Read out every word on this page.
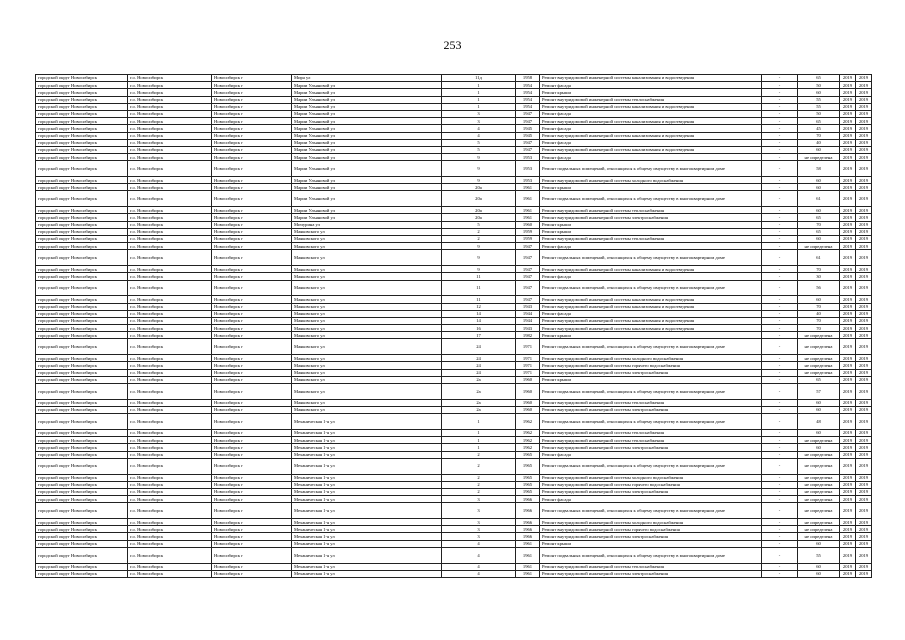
253
городской округ Новосибирск	г.о. Новосибирск	Новосибирск г	Мира ул	11д	1958	Ремонт внутридомовой инженерной системы канализования и водоотведения	-	65	2019	2019
городской округ Новосибирск	г.о. Новосибирск	Новосибирск г	Марии Ульяновой ул	1	1954	Ремонт фасада	-	50	2019	2019
городской округ Новосибирск	г.о. Новосибирск	Новосибирск г	Марии Ульяновой ул	1	1954	Ремонт крыши	-	60	2019	2019
городской округ Новосибирск	г.о. Новосибирск	Новосибирск г	Марии Ульяновой ул	1	1954	Ремонт внутридомовой инженерной системы теплоснабжения	-	55	2019	2019
городской округ Новосибирск	г.о. Новосибирск	Новосибирск г	Марии Ульяновой ул	1	1954	Ремонт внутридомовой инженерной системы канализования и водоотведения	-	55	2019	2019
городской округ Новосибирск	г.о. Новосибирск	Новосибирск г	Марии Ульяновой ул	3	1947	Ремонт фасада	-	50	2019	2019
городской округ Новосибирск	г.о. Новосибирск	Новосибирск г	Марии Ульяновой ул	3	1947	Ремонт внутридомовой инженерной системы канализования и водоотведения	-	65	2019	2019
городской округ Новосибирск	г.о. Новосибирск	Новосибирск г	Марии Ульяновой ул	4	1945	Ремонт фасада	-	45	2019	2019
городской округ Новосибирск	г.о. Новосибирск	Новосибирск г	Марии Ульяновой ул	4	1945	Ремонт внутридомовой инженерной системы канализования и водоотведения	-	70	2019	2019
городской округ Новосибирск	г.о. Новосибирск	Новосибирск г	Марии Ульяновой ул	5	1947	Ремонт фасада	-	40	2019	2019
городской округ Новосибирск	г.о. Новосибирск	Новосибирск г	Марии Ульяновой ул	5	1947	Ремонт внутридомовой инженерной системы канализования и водоотведения	-	60	2019	2019
городской округ Новосибирск	г.о. Новосибирск	Новосибирск г	Марии Ульяновой ул	9	1953	Ремонт фасада	-	не определена	2019	2019
городской округ Новосибирск	г.о. Новосибирск	Новосибирск г	Марии Ульяновой ул	9	1953	Ремонт подвальных помещений, относящихся к общему имуществу в многоквартирном доме	-	58	2019	2019
городской округ Новосибирск	г.о. Новосибирск	Новосибирск г	Марии Ульяновой ул	9	1953	Ремонт внутридомовой инженерной системы холодного водоснабжения	-	60	2019	2019
городской округ Новосибирск	г.о. Новосибирск	Новосибирск г	Марии Ульяновой ул	20а	1961	Ремонт крыши	-	60	2019	2019
городской округ Новосибирск	г.о. Новосибирск	Новосибирск г	Марии Ульяновой ул	20а	1961	Ремонт подвальных помещений, относящихся к общему имуществу в многоквартирном доме	-	61	2019	2019
городской округ Новосибирск	г.о. Новосибирск	Новосибирск г	Марии Ульяновой ул	20а	1961	Ремонт внутридомовой инженерной системы теплоснабжения	-	60	2019	2019
городской округ Новосибирск	г.о. Новосибирск	Новосибирск г	Марии Ульяновой ул	20а	1961	Ремонт внутридомовой инженерной системы электроснабжения	-	65	2019	2019
городской округ Новосибирск	г.о. Новосибирск	Новосибирск г	Мичурина ул	5	1960	Ремонт крыши	-	70	2019	2019
городской округ Новосибирск	г.о. Новосибирск	Новосибирск г	Маяковского ул	2	1959	Ремонт крыши	-	65	2019	2019
городской округ Новосибирск	г.о. Новосибирск	Новосибирск г	Маяковского ул	2	1959	Ремонт внутридомовой инженерной системы теплоснабжения	-	60	2019	2019
городской округ Новосибирск	г.о. Новосибирск	Новосибирск г	Маяковского ул	9	1947	Ремонт фасада	-	не определена	2019	2019
городской округ Новосибирск	г.о. Новосибирск	Новосибирск г	Маяковского ул	9	1947	Ремонт подвальных помещений, относящихся к общему имуществу в многоквартирном доме	-	61	2019	2019
городской округ Новосибирск	г.о. Новосибирск	Новосибирск г	Маяковского ул	9	1947	Ремонт внутридомовой инженерной системы канализования и водоотведения	-	70	2019	2019
городской округ Новосибирск	г.о. Новосибирск	Новосибирск г	Маяковского ул	11	1947	Ремонт фасада	-	30	2019	2019
городской округ Новосибирск	г.о. Новосибирск	Новосибирск г	Маяковского ул	11	1947	Ремонт подвальных помещений, относящихся к общему имуществу в многоквартирном доме	-	56	2019	2019
городской округ Новосибирск	г.о. Новосибирск	Новосибирск г	Маяковского ул	11	1947	Ремонт внутридомовой инженерной системы канализования и водоотведения	-	60	2019	2019
городской округ Новосибирск	г.о. Новосибирск	Новосибирск г	Маяковского ул	12	1943	Ремонт внутридомовой инженерной системы канализования и водоотведения	-	70	2019	2019
городской округ Новосибирск	г.о. Новосибирск	Новосибирск г	Маяковского ул	14	1944	Ремонт фасада	-	40	2019	2019
городской округ Новосибирск	г.о. Новосибирск	Новосибирск г	Маяковского ул	14	1944	Ремонт внутридомовой инженерной системы канализования и водоотведения	-	70	2019	2019
городской округ Новосибирск	г.о. Новосибирск	Новосибирск г	Маяковского ул	16	1943	Ремонт внутридомовой инженерной системы канализования и водоотведения	-	70	2019	2019
городской округ Новосибирск	г.о. Новосибирск	Новосибирск г	Маяковского ул	17	1982	Ремонт крыши	-	не определена	2019	2019
городской округ Новосибирск	г.о. Новосибирск	Новосибирск г	Маяковского ул	24	1971	Ремонт подвальных помещений, относящихся к общему имуществу в многоквартирном доме	-	не определена	2019	2019
городской округ Новосибирск	г.о. Новосибирск	Новосибирск г	Маяковского ул	24	1971	Ремонт внутридомовой инженерной системы холодного водоснабжения	-	не определена	2019	2019
городской округ Новосибирск	г.о. Новосибирск	Новосибирск г	Маяковского ул	24	1971	Ремонт внутридомовой инженерной системы горячего водоснабжения	-	не определена	2019	2019
городской округ Новосибирск	г.о. Новосибирск	Новосибирск г	Маяковского ул	24	1971	Ремонт внутридомовой инженерной системы электроснабжения	-	не определена	2019	2019
городской округ Новосибирск	г.о. Новосибирск	Новосибирск г	Маяковского ул	2а	1960	Ремонт крыши	-	65	2019	2019
городской округ Новосибирск	г.о. Новосибирск	Новосибирск г	Маяковского ул	2а	1960	Ремонт подвальных помещений, относящихся к общему имуществу в многоквартирном доме	-	57	2019	2019
городской округ Новосибирск	г.о. Новосибирск	Новосибирск г	Маяковского ул	2а	1960	Ремонт внутридомовой инженерной системы теплоснабжения	-	60	2019	2019
городской округ Новосибирск	г.о. Новосибирск	Новосибирск г	Маяковского ул	2а	1960	Ремонт внутридомовой инженерной системы электроснабжения	-	60	2019	2019
городской округ Новосибирск	г.о. Новосибирск	Новосибирск г	Механическая 1-я ул	1	1962	Ремонт подвальных помещений, относящихся к общему имуществу в многоквартирном доме	-	48	2019	2019
городской округ Новосибирск	г.о. Новосибирск	Новосибирск г	Механическая 1-я ул	1	1962	Ремонт внутридомовой инженерной системы теплоснабжения	-	60	2019	2019
городской округ Новосибирск	г.о. Новосибирск	Новосибирск г	Механическая 1-я ул	1	1962	Ремонт внутридомовой инженерной системы теплоснабжения	-	не определена	2019	2019
городской округ Новосибирск	г.о. Новосибирск	Новосибирск г	Механическая 1-я ул	1	1962	Ремонт внутридомовой инженерной системы электроснабжения	-	60	2019	2019
городской округ Новосибирск	г.о. Новосибирск	Новосибирск г	Механическая 1-я ул	2	1965	Ремонт фасада	-	не определена	2019	2019
городской округ Новосибирск	г.о. Новосибирск	Новосибирск г	Механическая 1-я ул	2	1965	Ремонт подвальных помещений, относящихся к общему имуществу в многоквартирном доме	-	не определена	2019	2019
городской округ Новосибирск	г.о. Новосибирск	Новосибирск г	Механическая 1-я ул	2	1965	Ремонт внутридомовой инженерной системы холодного водоснабжения	-	не определена	2019	2019
городской округ Новосибирск	г.о. Новосибирск	Новосибирск г	Механическая 1-я ул	2	1965	Ремонт внутридомовой инженерной системы горячего водоснабжения	-	не определена	2019	2019
городской округ Новосибирск	г.о. Новосибирск	Новосибирск г	Механическая 1-я ул	2	1965	Ремонт внутридомовой инженерной системы электроснабжения	-	не определена	2019	2019
городской округ Новосибирск	г.о. Новосибирск	Новосибирск г	Механическая 1-я ул	3	1966	Ремонт фасада	-	не определена	2019	2019
городской округ Новосибирск	г.о. Новосибирск	Новосибирск г	Механическая 1-я ул	3	1966	Ремонт подвальных помещений, относящихся к общему имуществу в многоквартирном доме	-	не определена	2019	2019
городской округ Новосибирск	г.о. Новосибирск	Новосибирск г	Механическая 1-я ул	3	1966	Ремонт внутридомовой инженерной системы холодного водоснабжения	-	не определена	2019	2019
городской округ Новосибирск	г.о. Новосибирск	Новосибирск г	Механическая 1-я ул	3	1966	Ремонт внутридомовой инженерной системы горячего водоснабжения	-	не определена	2019	2019
городской округ Новосибирск	г.о. Новосибирск	Новосибирск г	Механическая 1-я ул	3	1966	Ремонт внутридомовой инженерной системы электроснабжения	-	не определена	2019	2019
городской округ Новосибирск	г.о. Новосибирск	Новосибирск г	Механическая 1-я ул	4	1961	Ремонт крыши	-	60	2019	2019
городской округ Новосибирск	г.о. Новосибирск	Новосибирск г	Механическая 1-я ул	4	1961	Ремонт подвальных помещений, относящихся к общему имуществу в многоквартирном доме	-	55	2019	2019
городской округ Новосибирск	г.о. Новосибирск	Новосибирск г	Механическая 1-я ул	4	1961	Ремонт внутридомовой инженерной системы теплоснабжения	-	60	2019	2019
городской округ Новосибирск	г.о. Новосибирск	Новосибирск г	Механическая 1-я ул	4	1961	Ремонт внутридомовой инженерной системы электроснабжения	-	60	2019	2019
